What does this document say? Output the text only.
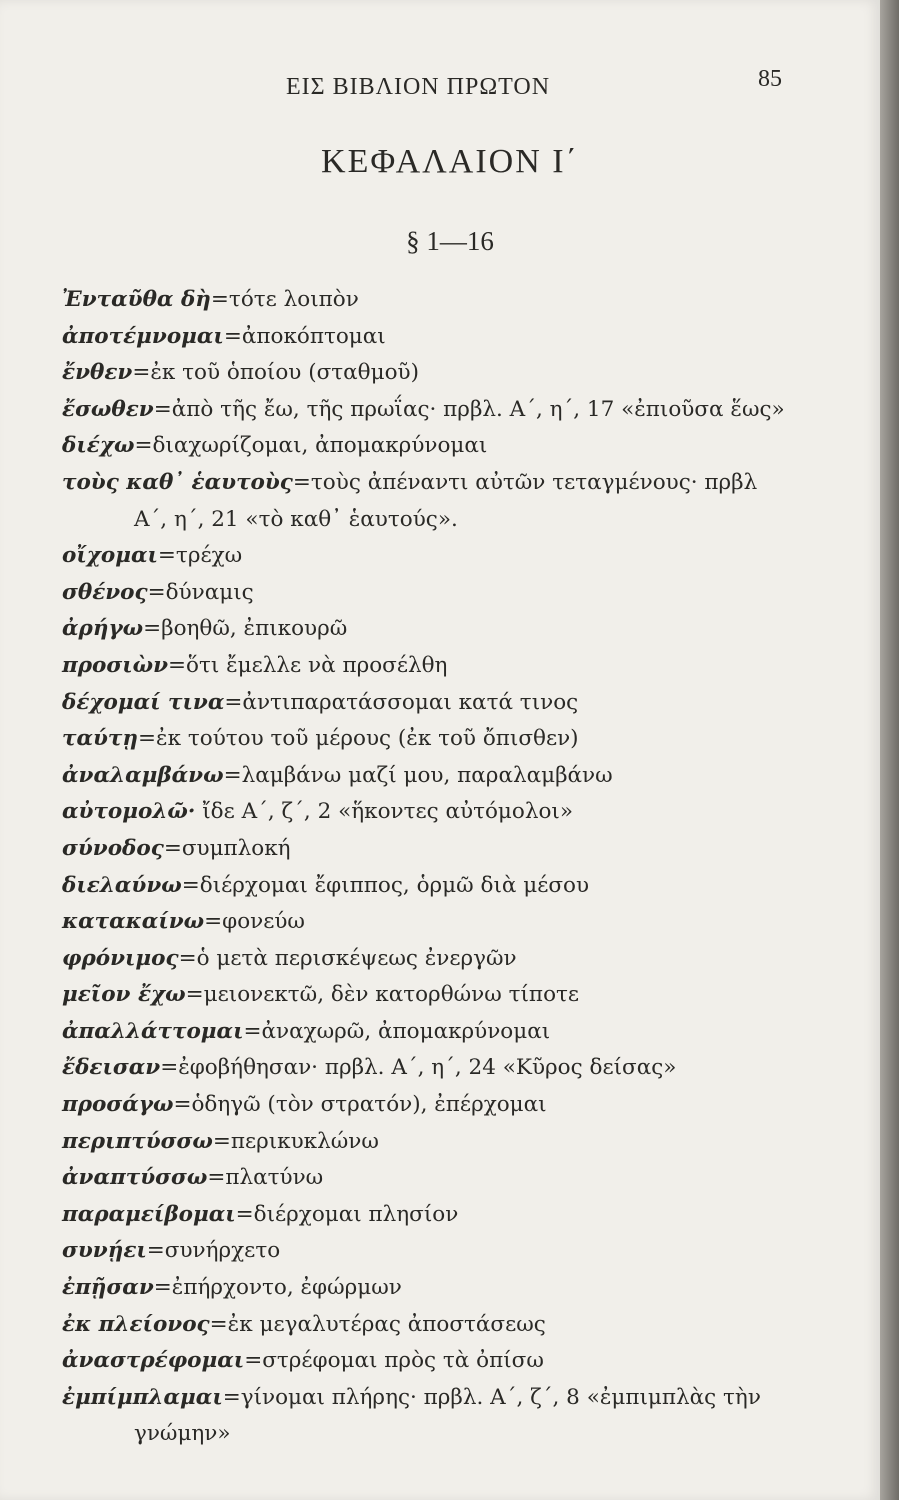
ΕΙΣ ΒΙΒΛΙΟΝ ΠΡΩΤΟΝ	85
ΚΕΦΑΛΑΙΟΝ Ι΄
§ 1—16
Ἐνταῦθα δὴ=τότε λοιπὸν
ἀποτέμνομαι=ἀποκόπτομαι
ἔνθεν=ἐκ τοῦ ὁποίου (σταθμοῦ)
ἔσωθεν=ἀπὸ τῆς ἔω, τῆς πρωΐας· πρβλ. Α΄, η΄, 17 «ἐπιοῦσα ἕως»
διέχω=διαχωρίζομαι, ἀπομακρύνομαι
τοὺς καθ᾽ ἑαυτοὺς=τοὺς ἀπέναντι αὐτῶν τεταγμένους· πρβλ
Α΄, η΄, 21 «τὸ καθ᾽ ἑαυτούς».
οἴχομαι=τρέχω
σθένος=δύναμις
ἀρήγω=βοηθῶ, ἐπικουρῶ
προσιὼν=ὅτι ἔμελλε νὰ προσέλθη
δέχομαί τινα=ἀντιπαρατάσσομαι κατά τινος
ταύτῃ=ἐκ τούτου τοῦ μέρους (ἐκ τοῦ ὄπισθεν)
ἀναλαμβάνω=λαμβάνω μαζί μου, παραλαμβάνω
αὐτομολῶ· ἴδε Α΄, ζ΄, 2 «ἥκοντες αὐτόμολοι»
σύνοδος=συμπλοκή
διελαύνω=διέρχομαι ἔφιππος, ὁρμῶ διὰ μέσου
κατακαίνω=φονεύω
φρόνιμος=ὁ μετὰ περισκέψεως ἐνεργῶν
μεῖον ἔχω=μειονεκτῶ, δὲν κατορθώνω τίποτε
ἀπαλλάττομαι=ἀναχωρῶ, ἀπομακρύνομαι
ἔδεισαν=ἐφοβήθησαν· πρβλ. Α΄, η΄, 24 «Κῦρος δείσας»
προσάγω=ὁδηγῶ (τὸν στρατόν), ἐπέρχομαι
περιπτύσσω=περικυκλώνω
ἀναπτύσσω=πλατύνω
παραμείβομαι=διέρχομαι πλησίον
συνῄει=συνήρχετο
ἐπῇσαν=ἐπήρχοντο, ἐφώρμων
ἐκ πλείονος=ἐκ μεγαλυτέρας ἀποστάσεως
ἀναστρέφομαι=στρέφομαι πρὸς τὰ ὀπίσω
ἐμπίμπλαμαι=γίνομαι πλήρης· πρβλ. Α΄, ζ΄, 8 «ἐμπιμπλὰς τὴν
γνώμην»
